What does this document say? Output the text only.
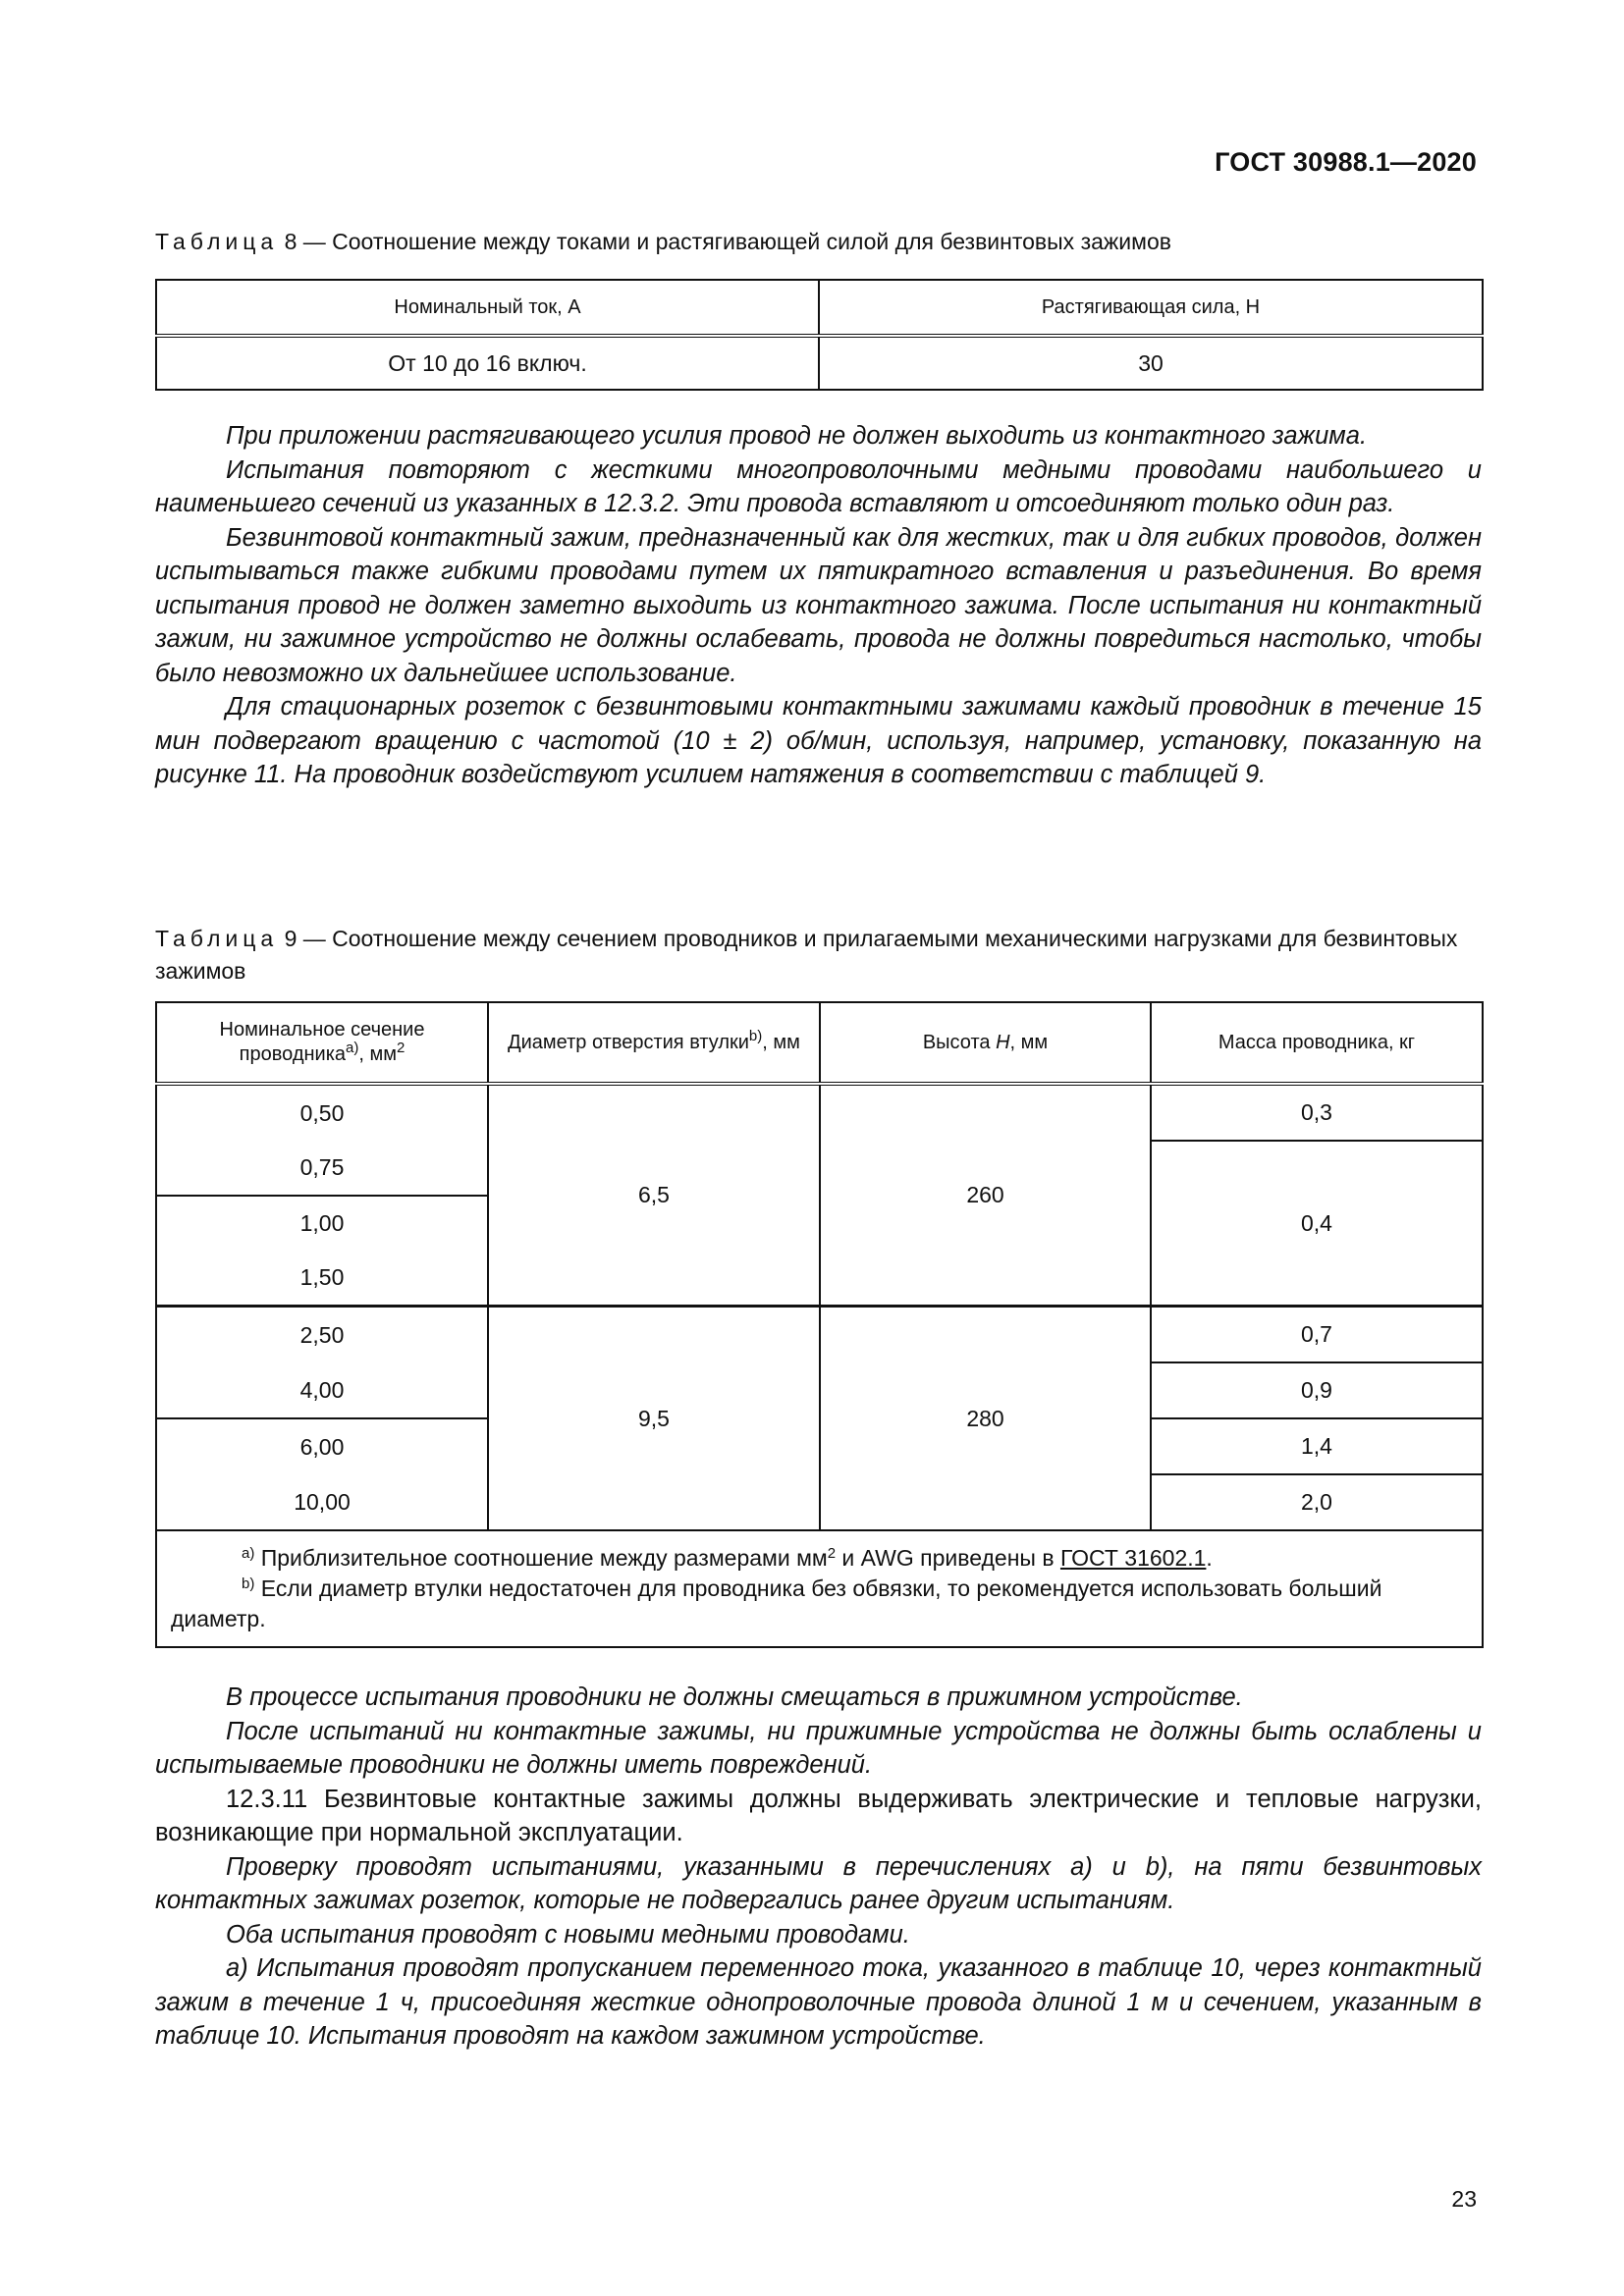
ГОСТ 30988.1—2020
Таблица 8 — Соотношение между токами и растягивающей силой для безвинтовых зажимов
Номинальный ток, А	Растягивающая сила, Н
От 10 до 16 включ.	30

При приложении растягивающего усилия провод не должен выходить из контактного зажима.

Испытания повторяют с жесткими многопроволочными медными проводами наибольшего и наименьшего сечений из указанных в 12.3.2. Эти провода вставляют и отсоединяют только один раз.

Безвинтовой контактный зажим, предназначенный как для жестких, так и для гибких проводов, должен испытываться также гибкими проводами путем их пятикратного вставления и разъединения. Во время испытания провод не должен заметно выходить из контактного зажима. После испытания ни контактный зажим, ни зажимное устройство не должны ослабевать, провода не должны повредиться настолько, чтобы было невозможно их дальнейшее использование.

Для стационарных розеток с безвинтовыми контактными зажимами каждый проводник в течение 15 мин подвергают вращению с частотой (10 ± 2) об/мин, используя, например, установку, показанную на рисунке 11. На проводник воздействуют усилием натяжения в соответствии с таблицей 9.

Таблица 9 — Соотношение между сечением проводников и прилагаемыми механическими нагрузками для безвинтовых зажимов
Номинальное сечение проводника$^{a)}$, $мм^2$	Диаметр отверстия втулки$^{b)}$, мм	Высота H, мм	Масса проводника, кг
0,50	6,5	260	0,3
0,75			0,4
1,00			
1,50			
2,50	9,5	280	0,7
4,00			0,9
6,00			1,4
10,00			2,0

$^{a)}$ Приблизительное соотношение между размерами $мм^2$ и AWG приведены в ГОСТ 31602.1.
$^{b)}$ Если диаметр втулки недостаточен для проводника без обвязки, то рекомендуется использовать больший диаметр.			

В процессе испытания проводники не должны смещаться в прижимном устройстве.

После испытаний ни контактные зажимы, ни прижимные устройства не должны быть ослаблены и испытываемые проводники не должны иметь повреждений.

12.3.11 Безвинтовые контактные зажимы должны выдерживать электрические и тепловые нагрузки, возникающие при нормальной эксплуатации.

Проверку проводят испытаниями, указанными в перечислениях a) и b), на пяти безвинтовых контактных зажимах розеток, которые не подвергались ранее другим испытаниям.

Оба испытания проводят с новыми медными проводами.

a) Испытания проводят пропусканием переменного тока, указанного в таблице 10, через контактный зажим в течение 1 ч, присоединяя жесткие однопроволочные провода длиной 1 м и сечением, указанным в таблице 10. Испытания проводят на каждом зажимном устройстве.

23
